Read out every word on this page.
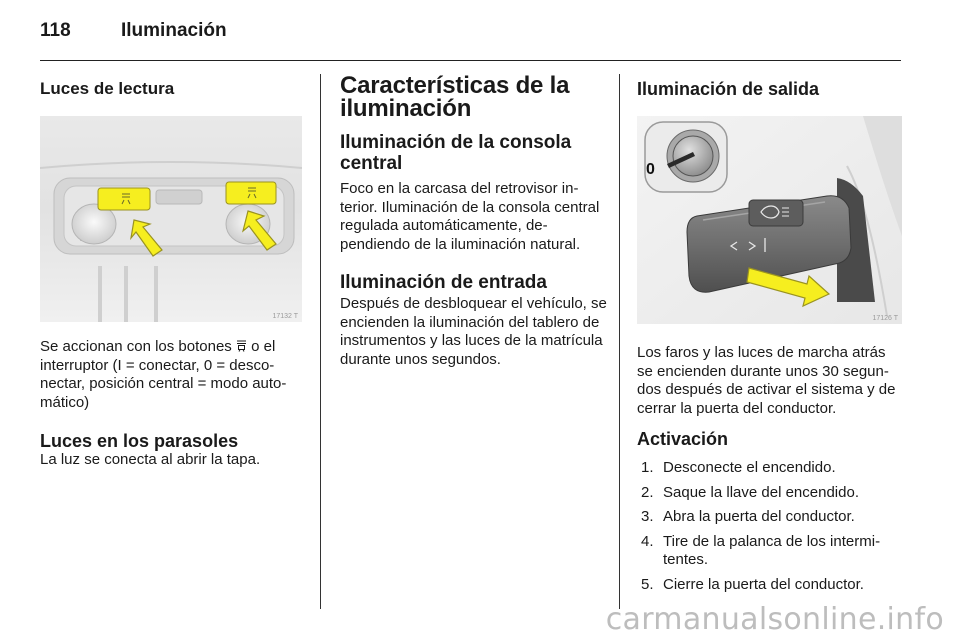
118	Iluminación
Luces de lectura
17132 T

Se accionan con los botones  o el interruptor (I = conectar, 0 = desconectar, posición central = modo automático)

Luces en los parasoles

La luz se conecta al abrir la tapa.

Características de la iluminación
Iluminación de la consola central

Foco en la carcasa del retrovisor interior. Iluminación de la consola central regulada automáticamente, dependiendo de la iluminación natural.

Iluminación de entrada

Después de desbloquear el vehículo, se encienden la iluminación del tablero de instrumentos y las luces de la matrícula durante unos segundos.

Iluminación de salida
0
17126 T

Los faros y las luces de marcha atrás se encienden durante unos 30 segundos después de activar el sistema y de cerrar la puerta del conductor.

Activación
1. Desconecte el encendido.
2. Saque la llave del encendido.
3. Abra la puerta del conductor.
4. Tire de la palanca de los intermitentes.
5. Cierre la puerta del conductor.
carmanualsonline.info
